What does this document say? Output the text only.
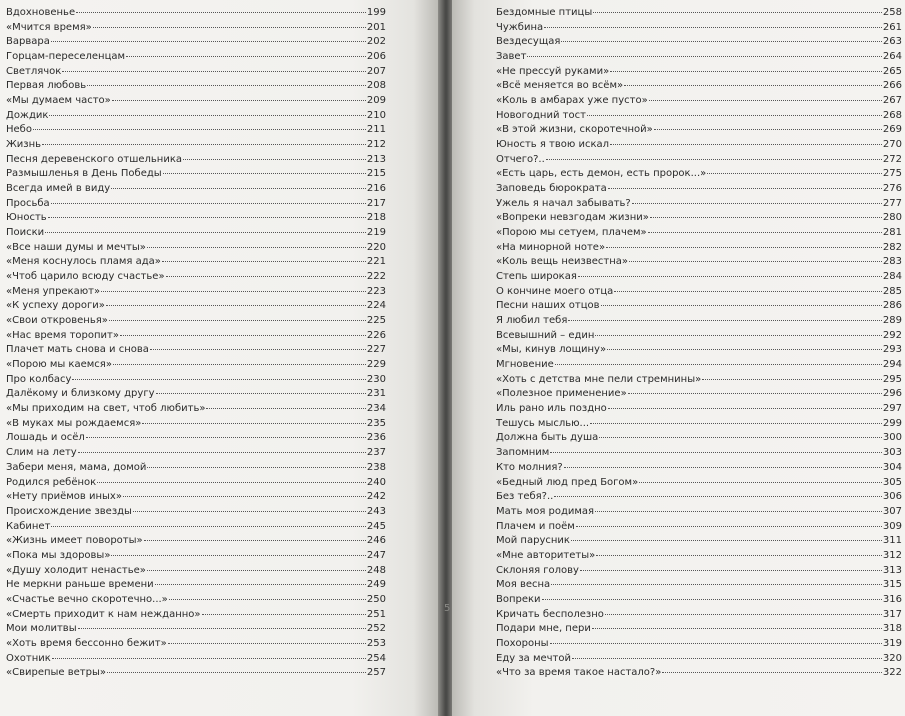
Вдохновенье	199
«Мчится время»	201
Варвара	202
Горцам-переселенцам	206
Светлячок	207
Первая любовь	208
«Мы думаем часто»	209
Дождик	210
Небо	211
Жизнь	212
Песня деревенского отшельника	213
Размышленья в День Победы	215
Всегда имей в виду	216
Просьба	217
Юность	218
Поиски	219
«Все наши думы и мечты»	220
«Меня коснулось пламя ада»	221
«Чтоб царило всюду счастье»	222
«Меня упрекают»	223
«К успеху дороги»	224
«Свои откровенья»	225
«Нас время торопит»	226
Плачет мать снова и снова	227
«Порою мы каемся»	229
Про колбасу	230
Далёкому и близкому другу	231
«Мы приходим на свет, чтоб любить»	234
«В муках мы рождаемся»	235
Лошадь и осёл	236
Слим на лету	237
Забери меня, мама, домой	238
Родился ребёнок	240
«Нету приёмов иных»	242
Происхождение звезды	243
Кабинет	245
«Жизнь имеет повороты»	246
«Пока мы здоровы»	247
«Душу холодит ненастье»	248
Не меркни раньше времени	249
«Счастье вечно скоротечно...»	250
«Смерть приходит к нам нежданно»	251
Мои молитвы	252
«Хоть время бессонно бежит»	253
Охотник	254
«Свирепые ветры»	257
Бездомные птицы	258
Чужбина	261
Вездесущая	263
Завет	264
«Не прессуй руками»	265
«Всё меняется во всём»	266
«Коль в амбарах уже пусто»	267
Новогодний тост	268
«В этой жизни, скоротечной»	269
Юность я твою искал	270
Отчего?..	272
«Есть царь, есть демон, есть пророк...»	275
Заповедь бюрократа	276
Ужель я начал забывать?	277
«Вопреки невзгодам жизни»	280
«Порою мы сетуем, плачем»	281
«На минорной ноте»	282
«Коль вещь неизвестна»	283
Степь широкая	284
О кончине моего отца	285
Песни наших отцов	286
Я любил тебя	289
Всевышний – един	292
«Мы, кинув лощину»	293
Мгновение	294
«Хоть с детства мне пели стремнины»	295
«Полезное применение»	296
Иль рано иль поздно	297
Тешусь мыслью...	299
Должна быть душа	300
Запомним	303
Кто молния?	304
«Бедный люд пред Богом»	305
Без тебя?..	306
Мать моя родимая	307
Плачем и поём	309
Мой парусник	311
«Мне авторитеты»	312
Склоняя голову	313
Моя весна	315
Вопреки	316
Кричать бесполезно	317
Подари мне, пери	318
Похороны	319
Еду за мечтой	320
«Что за время такое настало?»	322
5
